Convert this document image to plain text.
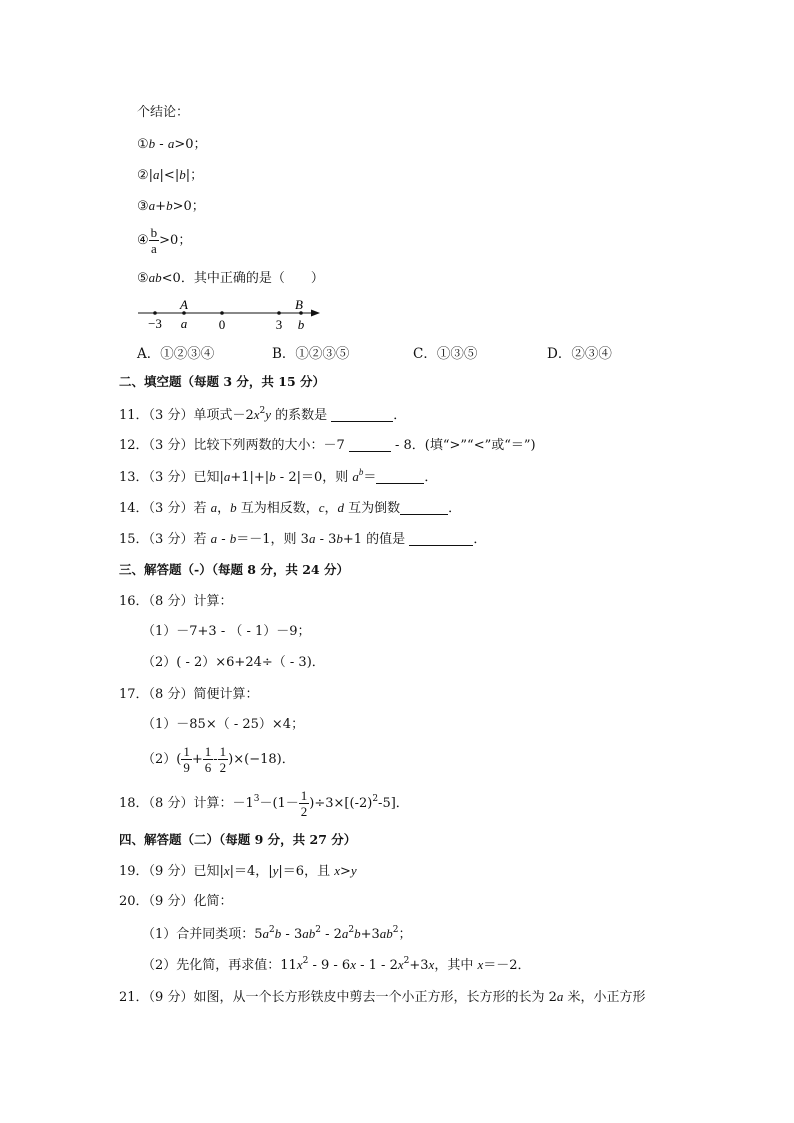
个结论：
①b - a>0；
②|a|<|b|；
③a+b>0；
④ $\frac{b}{a} >0$；
⑤ab<0．其中正确的是（　　）
A	B
−3 a 0	3 b
A．①②③④	B．①②③⑤	C．①③⑤	D．②③④
二、填空题（每题 3 分，共 15 分）
11．（3 分）单项式$-2x^2y$ 的系数是	．
12．（3 分）比较下列两数的大小：－7	- 8．(填“>”“<”或“＝”)
13．（3 分）已知|a+1|+|b - 2|＝0，则 $a^b=$	．
14．（3 分）若 a，b 互为相反数，c，d 互为倒数	．
15．（3 分）若 a - b＝－1，则 3a - 3b+1 的值是	．
三、解答题（-）（每题 8 分，共 24 分）
16．（8 分）计算：
（1）－7+3 - （ - 1）－9；
（2）( - 2）×6+24÷（ - 3)．
17．（8 分）简便计算：
（1）－85×（ - 25）×4；
$(2)( \frac{1}{9} + \frac{1}{6} - \frac{1}{2} )\times(-18)$．
18．（8 分）计算：$-1^3-(1- \frac{1}{2} )\div 3\times[(-2)^2-5]$．
四、解答题（二）（每题 9 分，共 27 分）
19．（9 分）已知|x|＝4，|y|＝6，且 x>y
20．（9 分）化简：
（1）合并同类项：$5a^2b - 3ab^2 - 2a^2b+3ab^2$；
（2）先化简，再求值：$11x^2 - 9 - 6x - 1 - 2x^2+3x$，其中 x＝－2．
21．（9 分）如图，从一个长方形铁皮中剪去一个小正方形，长方形的长为 2a 米，小正方形
